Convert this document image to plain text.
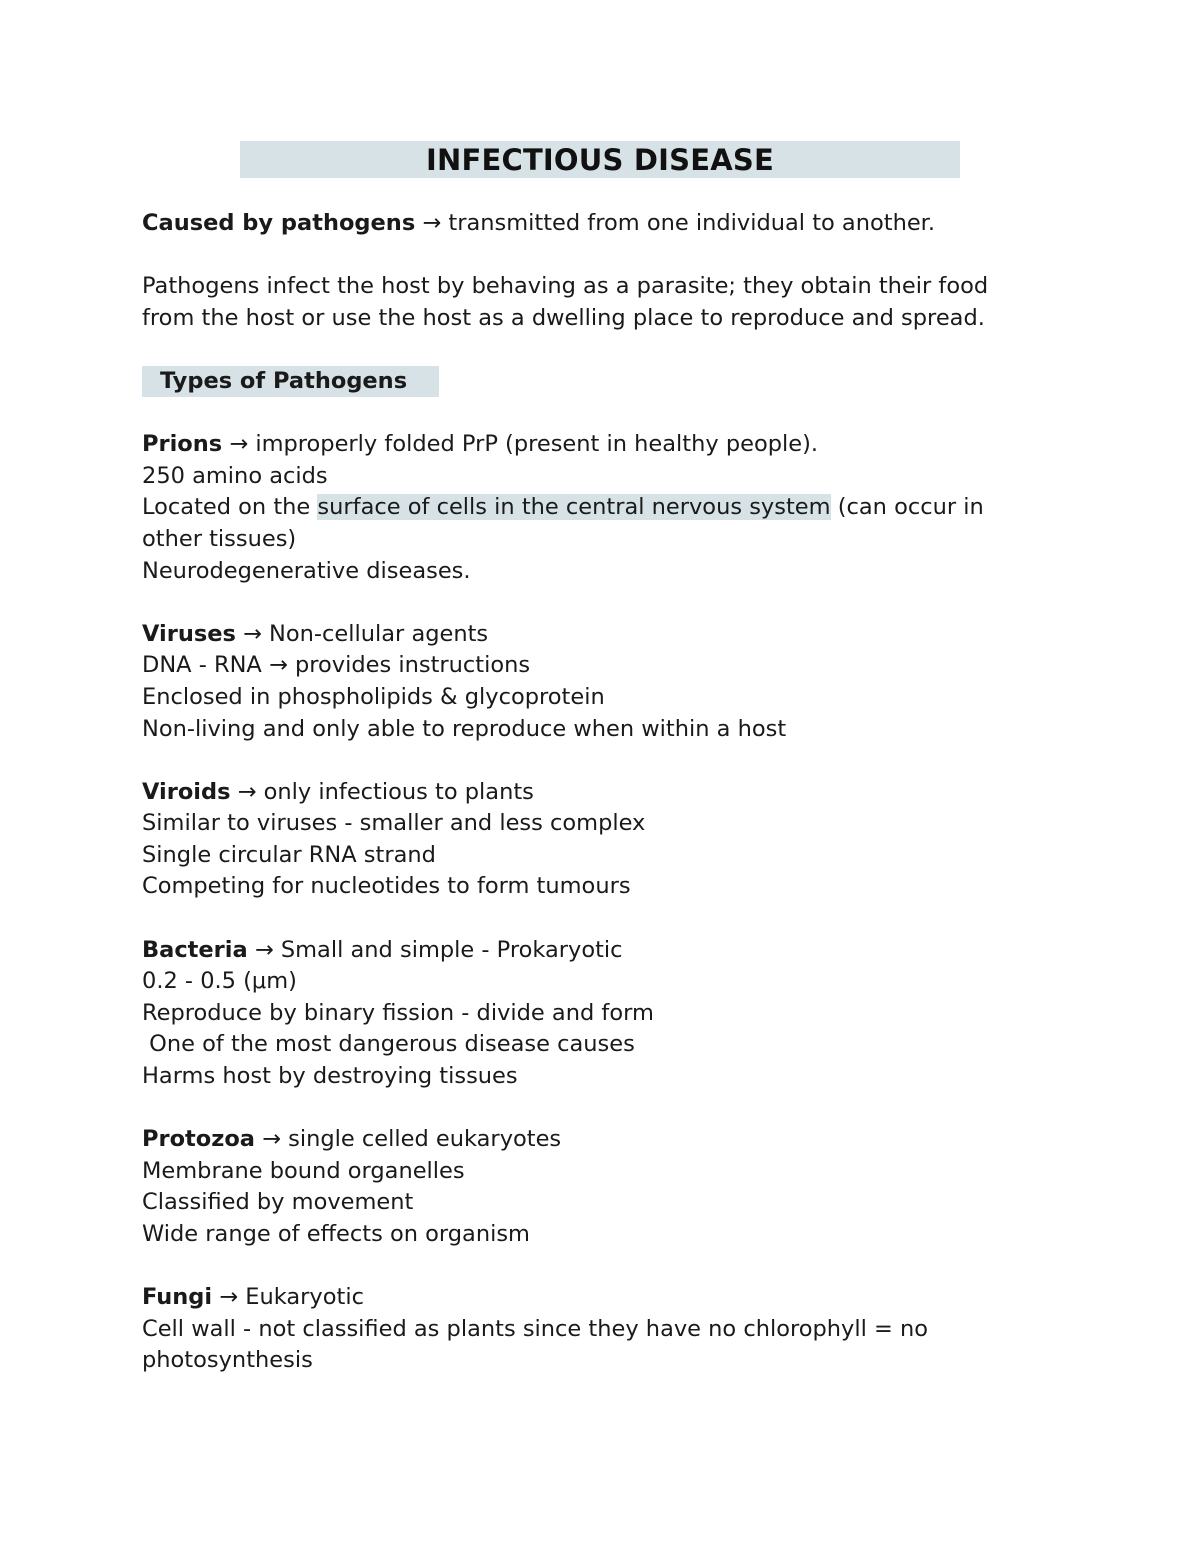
INFECTIOUS DISEASE

Caused by pathogens → transmitted from one individual to another.

Pathogens infect the host by behaving as a parasite; they obtain their food

from the host or use the host as a dwelling place to reproduce and spread.

Types of Pathogens

Prions → improperly folded PrP (present in healthy people).

250 amino acids

Located on the surface of cells in the central nervous system (can occur in

other tissues)

Neurodegenerative diseases.

Viruses → Non-cellular agents

DNA - RNA → provides instructions

Enclosed in phospholipids & glycoprotein

Non-living and only able to reproduce when within a host

Viroids → only infectious to plants

Similar to viruses - smaller and less complex

Single circular RNA strand

Competing for nucleotides to form tumours

Bacteria → Small and simple - Prokaryotic

0.2 - 0.5 (μm)

Reproduce by binary fission - divide and form

One of the most dangerous disease causes

Harms host by destroying tissues

Protozoa → single celled eukaryotes

Membrane bound organelles

Classified by movement

Wide range of effects on organism

Fungi → Eukaryotic

Cell wall - not classified as plants since they have no chlorophyll = no

photosynthesis
